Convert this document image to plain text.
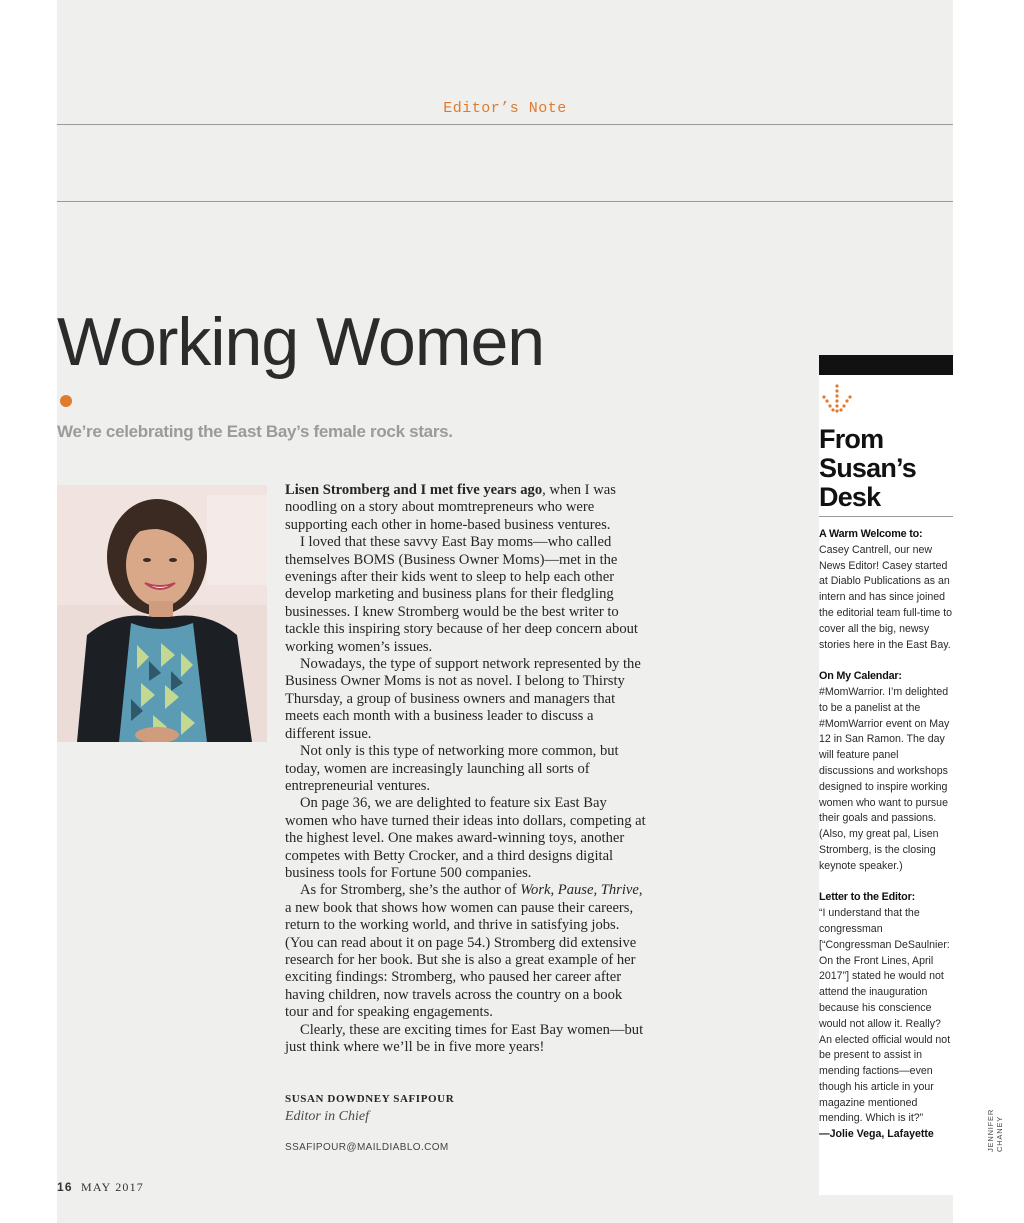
Editor’s Note
Working Women
We’re celebrating the East Bay’s female rock stars.

Lisen Stromberg and I met five years ago, when I was noodling on a story about momtrepreneurs who were supporting each other in home-based business ventures.

I loved that these savvy East Bay moms—who called themselves BOMS (Business Owner Moms)—met in the evenings after their kids went to sleep to help each other develop marketing and business plans for their fledgling businesses. I knew Stromberg would be the best writer to tackle this inspiring story because of her deep concern about working women’s issues.

Nowadays, the type of support network represented by the Business Owner Moms is not as novel. I belong to Thirsty Thursday, a group of business owners and managers that meets each month with a business leader to discuss a different issue.

Not only is this type of networking more common, but today, women are increasingly launching all sorts of entrepreneurial ventures.

On page 36, we are delighted to feature six East Bay women who have turned their ideas into dollars, competing at the highest level. One makes award-winning toys, another competes with Betty Crocker, and a third designs digital business tools for Fortune 500 companies.

As for Stromberg, she’s the author of Work, Pause, Thrive, a new book that shows how women can pause their careers, return to the working world, and thrive in satisfying jobs. (You can read about it on page 54.) Stromberg did extensive research for her book. But she is also a great example of her exciting findings: Stromberg, who paused her career after having children, now travels across the country on a book tour and for speaking engagements.

Clearly, these are exciting times for East Bay women—but just think where we’ll be in five more years!

SUSAN DOWDNEY SAFIPOUR
Editor in Chief
SSAFIPOUR@MAILDIABLO.COM
16 MAY 2017
From Susan’s Desk
A Warm Welcome to:

Casey Cantrell, our new News Editor! Casey started at Diablo Publications as an intern and has since joined the editorial team full-time to cover all the big, newsy stories here in the East Bay.

On My Calendar:

#MomWarrior. I’m delighted to be a panelist at the #MomWarrior event on May 12 in San Ramon. The day will feature panel discussions and workshops designed to inspire working women who want to pursue their goals and passions. (Also, my great pal, Lisen Stromberg, is the closing keynote speaker.)

Letter to the Editor:
“I understand that the congressman [“Congressman DeSaulnier: On the Front Lines, April 2017”] stated he would not attend the inauguration because his conscience would not allow it. Really? An elected official would not be present to assist in mending factions—even though his article in your magazine mentioned mending. Which is it?”
—Jolie Vega, Lafayette	JENNIFER CHANEY
